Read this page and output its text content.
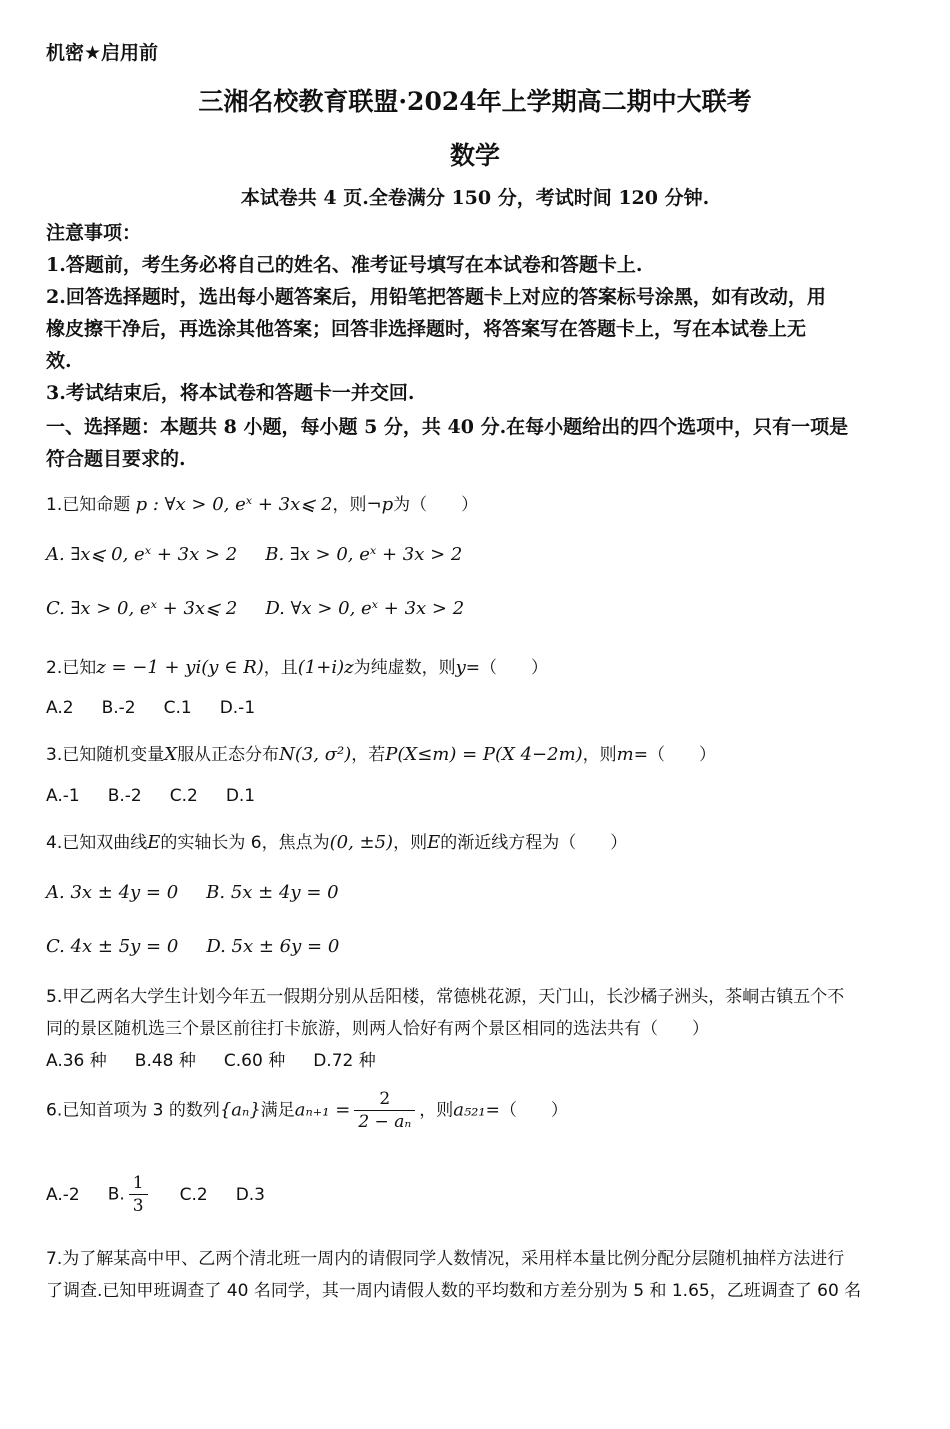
机密★启用前
三湘名校教育联盟·2024年上学期高二期中大联考
数学
本试卷共 4 页.全卷满分 150 分，考试时间 120 分钟.
注意事项：
1.答题前，考生务必将自己的姓名、准考证号填写在本试卷和答题卡上.
2.回答选择题时，选出每小题答案后，用铅笔把答题卡上对应的答案标号涂黑，如有改动，用
橡皮擦干净后，再选涂其他答案；回答非选择题时，将答案写在答题卡上，写在本试卷上无
效.
3.考试结束后，将本试卷和答题卡一并交回.
一、选择题：本题共 8 小题，每小题 5 分，共 40 分.在每小题给出的四个选项中，只有一项是
符合题目要求的.
1.已知命题 p : ∀x > 0, eˣ + 3x⩽ 2，则¬p为（　　）
A. ∃x⩽ 0, eˣ + 3x > 2 B. ∃x > 0, eˣ + 3x > 2
C. ∃x > 0, eˣ + 3x⩽ 2 D. ∀x > 0, eˣ + 3x > 2
2.已知z = −1 + yi(y ∈ R)，且(1+i)z为纯虚数，则y=（　　）
A.2 B.-2 C.1 D.-1
3.已知随机变量X服从正态分布N(3, σ²)，若P(X≤m) = P(X 4−2m)，则m=（　　）
A.-1 B.-2 C.2 D.1
4.已知双曲线E的实轴长为 6，焦点为(0, ±5)，则E的渐近线方程为（　　）
A. 3x ± 4y = 0 B. 5x ± 4y = 0
C. 4x ± 5y = 0 D. 5x ± 6y = 0
5.甲乙两名大学生计划今年五一假期分别从岳阳楼，常德桃花源，天门山，长沙橘子洲头，茶峒古镇五个不
同的景区随机选三个景区前往打卡旅游，则两人恰好有两个景区相同的选法共有（　　）
A.36 种 B.48 种 C.60 种 D.72 种
6.已知首项为 3 的数列{aₙ}满足$a_{n+1} = \frac{2}{\text{2 − aₙ}}$ ，则a₅₂₁=（　　）
A.-2 B. $\frac{1}{3} C.2$ D.3
7.为了解某高中甲、乙两个清北班一周内的请假同学人数情况，采用样本量比例分配分层随机抽样方法进行
了调查.已知甲班调查了 40 名同学，其一周内请假人数的平均数和方差分别为 5 和 1.65，乙班调查了 60 名
